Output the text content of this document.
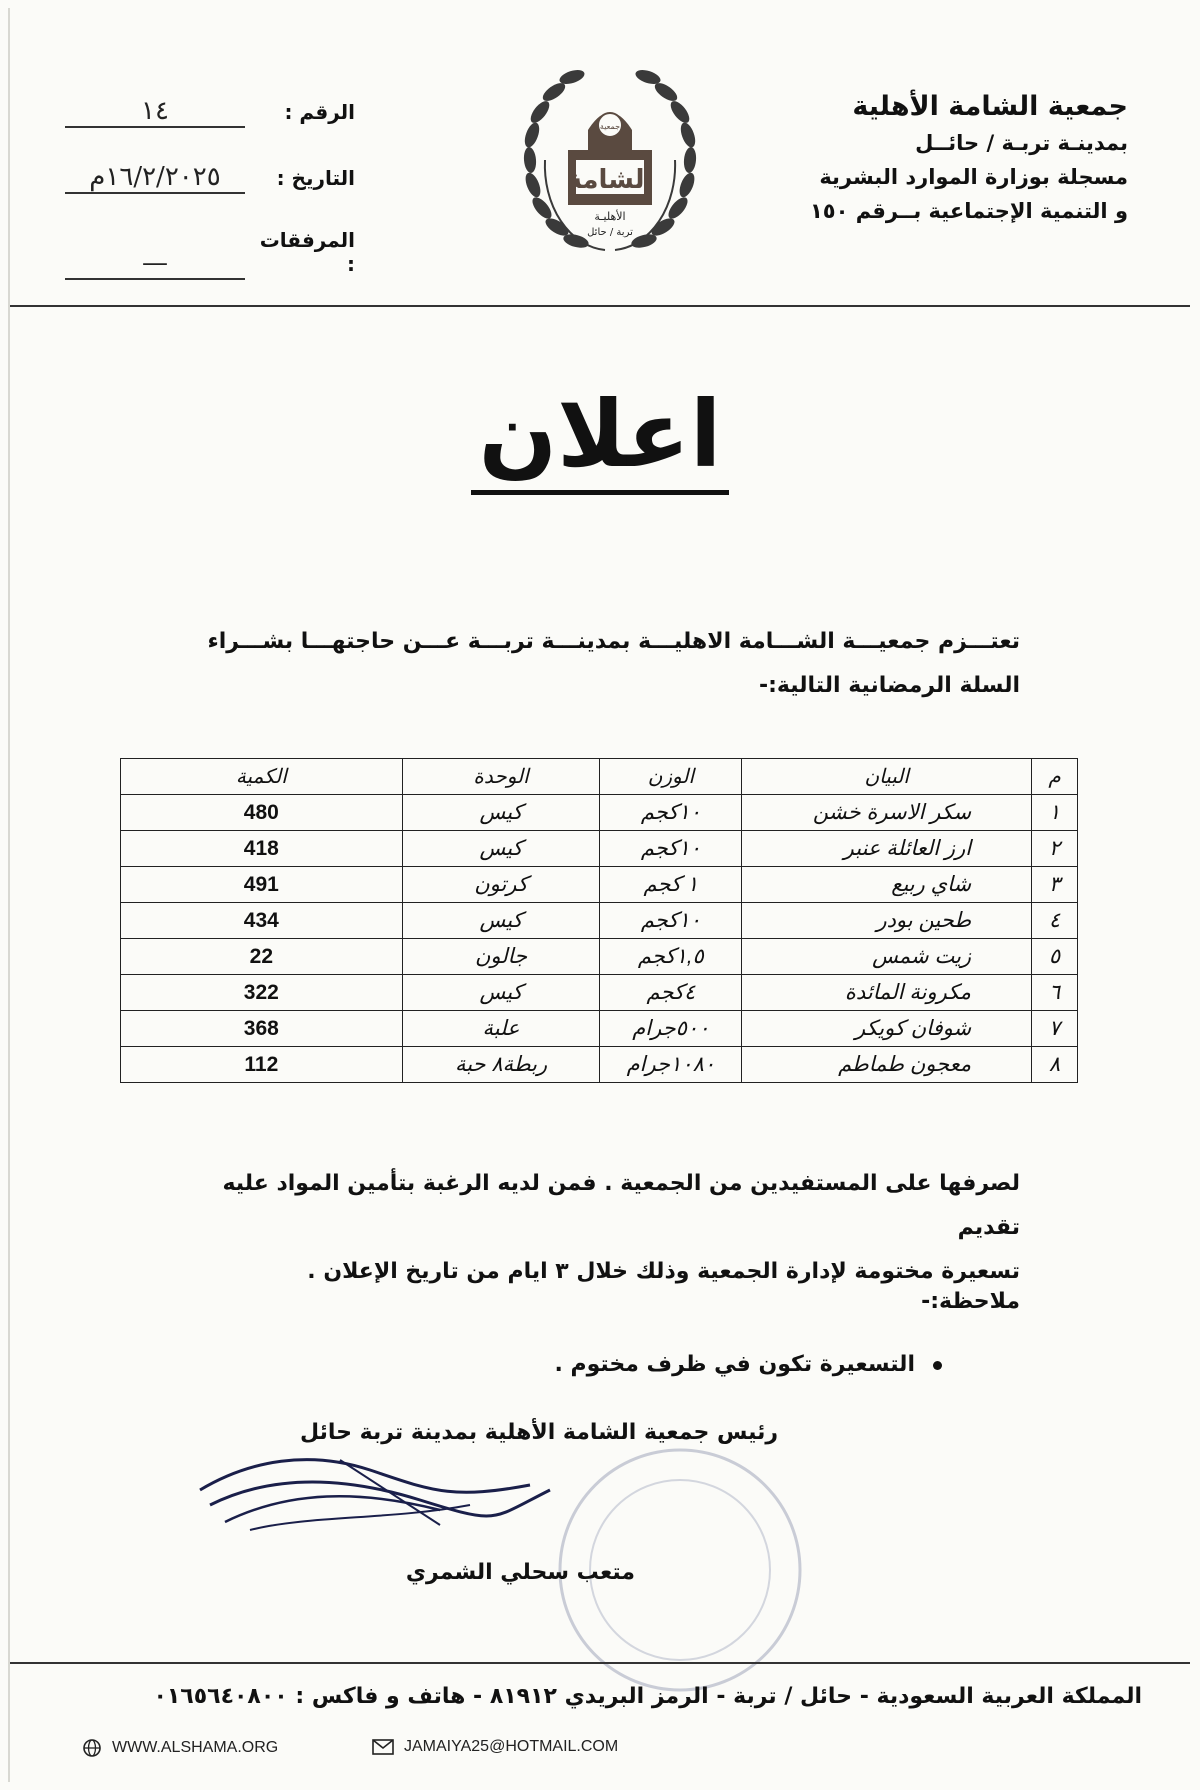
جمعية الشامة الأهلية
بمدينـة تربـة / حائــل
مسجلة بوزارة الموارد البشرية
و التنمية الإجتماعية بــرقم ١٥٠
جمعية
الشامة
الأهليـة
تربة / حائل
الرقم :١٤
التاريخ :١٦/٢/٢٠٢٥م
المرفقات :—
اعلان
تعتـــزم جمعيـــة الشـــامة الاهليـــة بمدينـــة تربـــة عـــن حاجتهـــا بشـــراء
السلة الرمضانية التالية:-
م	البيان	الوزن	الوحدة	الكمية
١	سكر الاسرة خشن	١٠كجم	كيس	480
٢	ارز العائلة عنبر	١٠كجم	كيس	418
٣	شاي ربيع	١ كجم	كرتون	491
٤	طحين بودر	١٠كجم	كيس	434
٥	زيت شمس	١,٥كجم	جالون	22
٦	مكرونة المائدة	٤كجم	كيس	322
٧	شوفان كويكر	٥٠٠جرام	علبة	368
٨	معجون طماطم	١٠٨٠جرام	ربطة٨ حبة	112
لصرفها على المستفيدين من الجمعية . فمن لديه الرغبة بتأمين المواد عليه تقديم
تسعيرة مختومة لإدارة الجمعية وذلك خلال ٣ ايام من تاريخ الإعلان .
ملاحظة:-
التسعيرة تكون في ظرف مختوم .
رئيس جمعية الشامة الأهلية بمدينة تربة حائل
متعب سحلي الشمري
المملكة العربية السعودية - حائل / تربة - الرمز البريدي ٨١٩١٢ - هاتف و فاكس : ٠١٦٥٦٤٠٨٠٠
WWW.ALSHAMA.ORG	JAMAIYA25@HOTMAIL.COM
